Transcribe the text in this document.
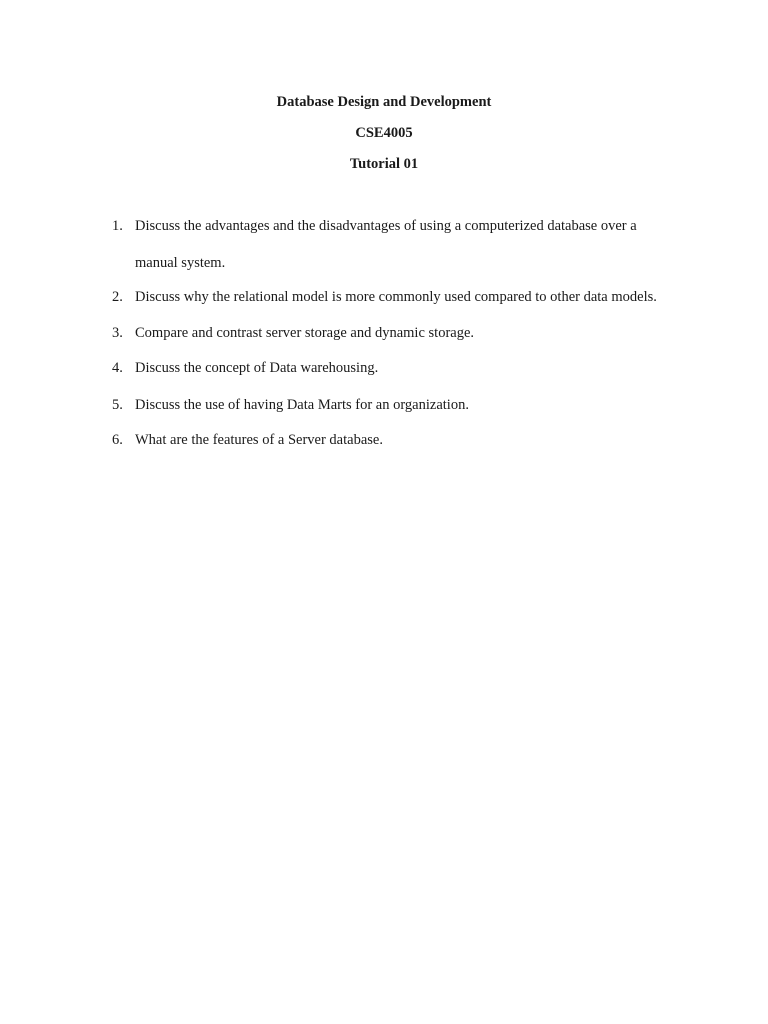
Database Design and Development
CSE4005
Tutorial 01
1. Discuss the advantages and the disadvantages of using a computerized database over a
manual system.
2. Discuss why the relational model is more commonly used compared to other data models.
3. Compare and contrast server storage and dynamic storage.
4. Discuss the concept of Data warehousing.
5. Discuss the use of having Data Marts for an organization.
6. What are the features of a Server database.
